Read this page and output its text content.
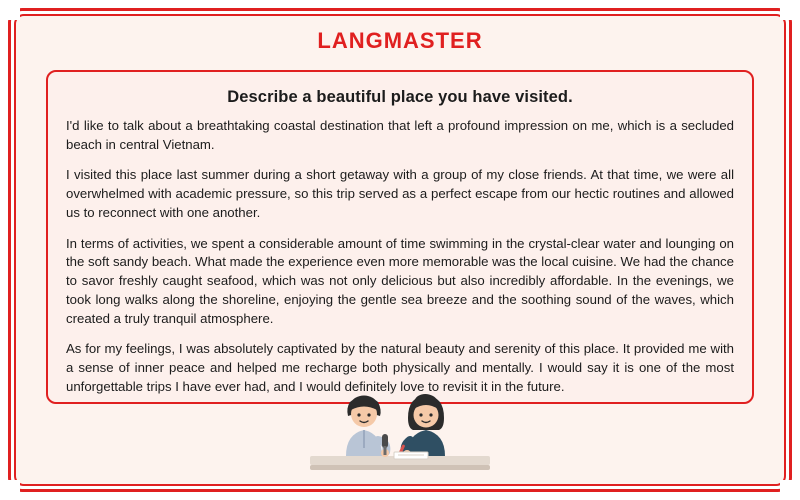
LANGMASTER
Describe a beautiful place you have visited.

I'd like to talk about a breathtaking coastal destination that left a profound impression on me, which is a secluded beach in central Vietnam.

I visited this place last summer during a short getaway with a group of my close friends. At that time, we were all overwhelmed with academic pressure, so this trip served as a perfect escape from our hectic routines and allowed us to reconnect with one another.

In terms of activities, we spent a considerable amount of time swimming in the crystal-clear water and lounging on the soft sandy beach. What made the experience even more memorable was the local cuisine. We had the chance to savor freshly caught seafood, which was not only delicious but also incredibly affordable. In the evenings, we took long walks along the shoreline, enjoying the gentle sea breeze and the soothing sound of the waves, which created a truly tranquil atmosphere.

As for my feelings, I was absolutely captivated by the natural beauty and serenity of this place. It provided me with a sense of inner peace and helped me recharge both physically and mentally. I would say it is one of the most unforgettable trips I have ever had, and I would definitely love to revisit it in the future.
